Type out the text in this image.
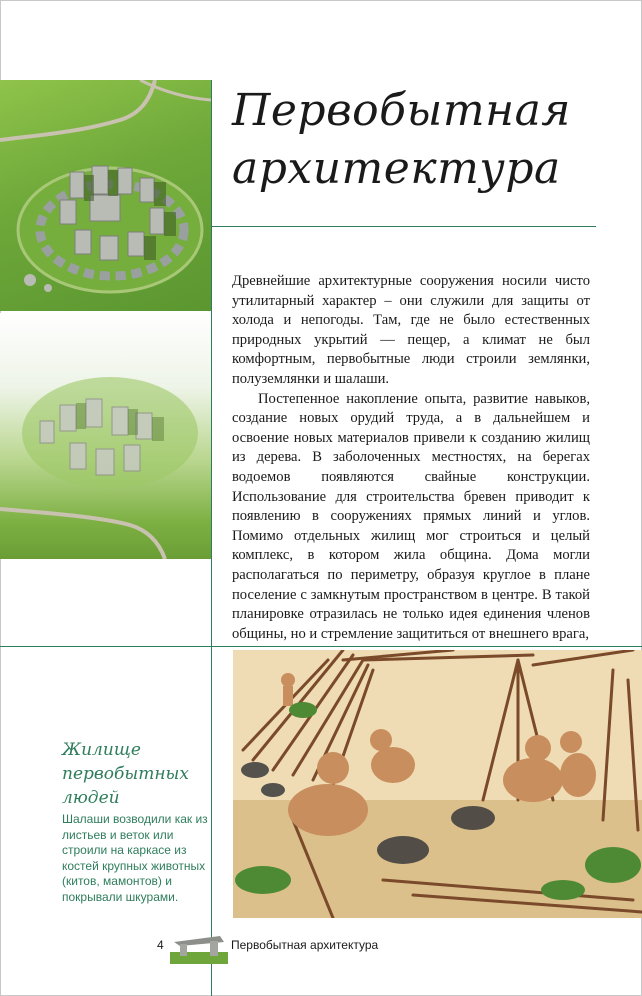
Первобытная
архитектура

Древнейшие архитектурные сооружения носили чисто утилитарный характер – они служили для защиты от холода и непогоды. Там, где не было естественных природных укрытий — пещер, а климат не был комфортным, первобытные люди строили землянки, полуземлянки и шалаши.

Постепенное накопление опыта, развитие навыков, создание новых орудий труда, а в дальнейшем и освоение новых материалов привели к созданию жилищ из дерева. В заболоченных местностях, на берегах водоемов появляются свайные конструкции. Использование для строительства бревен приводит к появлению в сооружениях прямых линий и углов. Помимо отдельных жилищ мог строиться и целый комплекс, в котором жила община. Дома могли располагаться по периметру, образуя круглое в плане поселение с замкнутым пространством в центре. В такой планировке отразилась не только идея единения членов общины, но и стремление защититься от внешнего врага,

Жилище
первобытных
людей

Шалаши возводили как из листьев и веток или строили на каркасе из костей крупных животных (китов, мамонтов) и покрывали шкурами.

4	Первобытная архитектура
